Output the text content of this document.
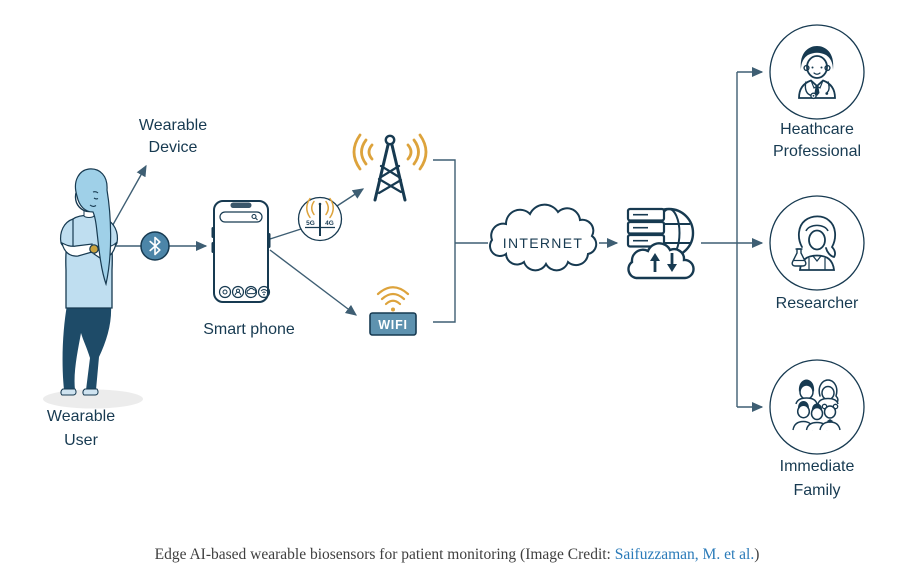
5G 4G
WIFI
INTERNET
Heathcare
Professional
Researcher
Immediate
Family
Wearable
Device
Wearable
User
Smart phone
Edge AI-based wearable biosensors for patient monitoring (Image Credit: Saifuzzaman, M. et al.)
